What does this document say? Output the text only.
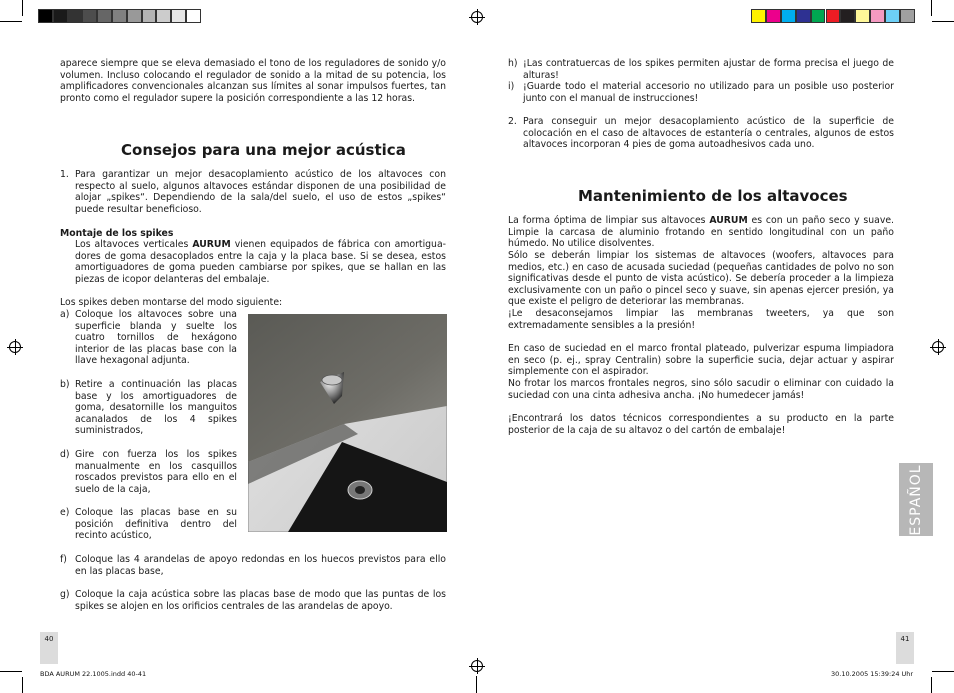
aparece siempre que se eleva demasiado el tono de los reguladores de sonido y/o volumen. Incluso colocando el regulador de sonido a la mitad de su potencia, los amplificadores convencionales alcanzan sus límites al sonar impulsos fuertes, tan pronto como el regulador supere la posición correspondiente a las 12 horas.

Consejos para una mejor acústica
1. Para garantizar un mejor desacoplamiento acústico de los altavoces con respecto al suelo, algunos altavoces estándar disponen de una posibilidad de alojar „spikes“. Dependiendo de la sala/del suelo, el uso de estos „spikes“ puede resultar beneficioso.

Montaje de los spikes

Los altavoces verticales AURUM vienen equipados de fábrica con amortigua-dores de goma desacoplados entre la caja y la placa base. Si se desea, estos amortiguadores de goma pueden cambiarse por spikes, que se hallan en las piezas de icopor delanteras del embalaje.

Los spikes deben montarse del modo siguiente:

a) Coloque los altavoces sobre una superficie blanda y suelte los cuatro tornillos de hexágono interior de las placas base con la llave hexagonal adjunta.

b) Retire a continuación las placas base y los amortiguadores de goma, desatornille los manguitos acanalados de los 4 spikes suministrados,

d) Gire con fuerza los los spikes manualmente en los casquillos roscados previstos para ello en el suelo de la caja,

e) Coloque las placas base en su posición definitiva dentro del recinto acústico,

f) Coloque las 4 arandelas de apoyo redondas en los huecos previstos para ello en las placas base,

g) Coloque la caja acústica sobre las placas base de modo que las puntas de los spikes se alojen en los orificios centrales de las arandelas de apoyo.

h) ¡Las contratuercas de los spikes permiten ajustar de forma precisa el juego de alturas!

i) ¡Guarde todo el material accesorio no utilizado para un posible uso posterior junto con el manual de instrucciones!

2. Para conseguir un mejor desacoplamiento acústico de la superficie de colocación en el caso de altavoces de estantería o centrales, algunos de estos altavoces incorporan 4 pies de goma autoadhesivos cada uno.

Mantenimiento de los altavoces

La forma óptima de limpiar sus altavoces AURUM es con un paño seco y suave. Limpie la carcasa de aluminio frotando en sentido longitudinal con un paño húmedo. No utilice disolventes.

Sólo se deberán limpiar los sistemas de altavoces (woofers, altavoces para medios, etc.) en caso de acusada suciedad (pequeñas cantidades de polvo no son significativas desde el punto de vista acústico). Se debería proceder a la limpieza exclusivamente con un paño o pincel seco y suave, sin apenas ejercer presión, ya que existe el peligro de deteriorar las membranas.

¡Le desaconsejamos limpiar las membranas tweeters, ya que son extremadamente sensibles a la presión!

En caso de suciedad en el marco frontal plateado, pulverizar espuma limpiadora en seco (p. ej., spray Centralin) sobre la superficie sucia, dejar actuar y aspirar simplemente con el aspirador.

No frotar los marcos frontales negros, sino sólo sacudir o eliminar con cuidado la suciedad con una cinta adhesiva ancha. ¡No humedecer jamás!

¡Encontrará los datos técnicos correspondientes a su producto en la parte posterior de la caja de su altavoz o del cartón de embalaje!

ESPAÑOL
40	41
BDA AURUM 22.1005.indd 40-41	30.10.2005 15:39:24 Uhr
